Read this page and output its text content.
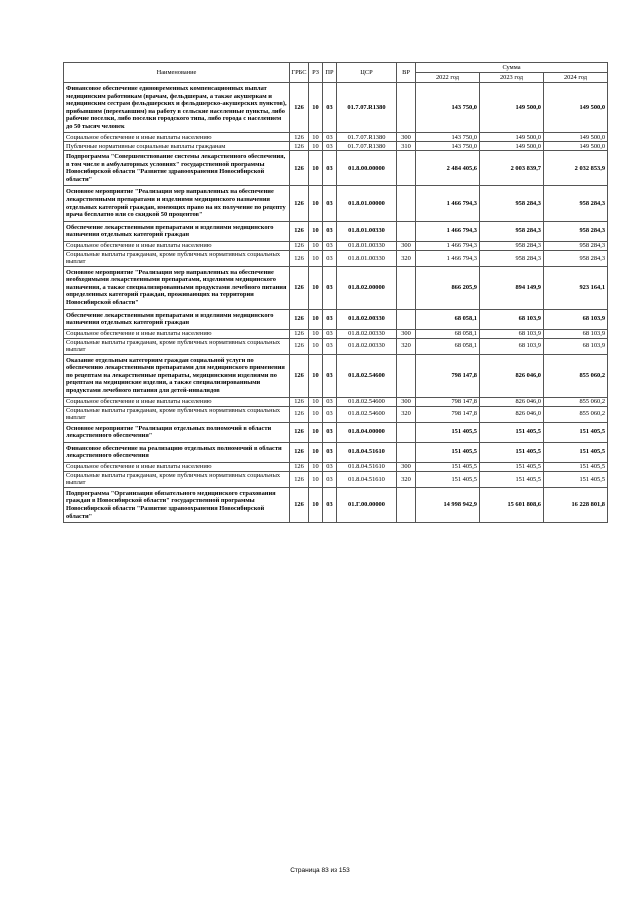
Наименование	ГРБС	РЗ	ПР	ЦСР	ВР	Сумма		
						2022 год	2023 год	2024 год
Финансовое обеспечение единовременных компенсационных выплат медицинским работникам (врачам, фельдшерам, а также акушеркам и медицинским сестрам фельдшерских и фельдшерско-акушерских пунктов), прибывшим (переехавшим) на работу в сельские населенные пункты, либо рабочие поселки, либо поселки городского типа, либо города с населением до 50 тысяч человек	126	10	03	01.7.07.R1380		143 750,0	149 500,0	149 500,0
Социальное обеспечение и иные выплаты населению	126	10	03	01.7.07.R1380	300	143 750,0	149 500,0	149 500,0
Публичные нормативные социальные выплаты гражданам	126	10	03	01.7.07.R1380	310	143 750,0	149 500,0	149 500,0
Подпрограмма "Совершенствование системы лекарственного обеспечения, в том числе в амбулаторных условиях" государственной программы Новосибирской области "Развитие здравоохранения Новосибирской области"	126	10	03	01.8.00.00000		2 484 405,6	2 003 839,7	2 032 853,9
Основное мероприятие "Реализация мер направленных на обеспечение лекарственными препаратами и изделиями медицинского назначения отдельных категорий граждан, имеющих право на их получение по рецепту врача бесплатно или со скидкой 50 процентов"	126	10	03	01.8.01.00000		1 466 794,3	958 284,3	958 284,3
Обеспечение лекарственными препаратами и изделиями медицинского назначения отдельных категорий граждан	126	10	03	01.8.01.00330		1 466 794,3	958 284,3	958 284,3
Социальное обеспечение и иные выплаты населению	126	10	03	01.8.01.00330	300	1 466 794,3	958 284,3	958 284,3
Социальные выплаты гражданам, кроме публичных нормативных социальных выплат	126	10	03	01.8.01.00330	320	1 466 794,3	958 284,3	958 284,3
Основное мероприятие "Реализация мер направленных на обеспечение необходимыми лекарственными препаратами, изделиями медицинского назначения, а также специализированными продуктами лечебного питания определенных категорий граждан, проживающих на территории Новосибирской области"	126	10	03	01.8.02.00000		866 205,9	894 149,9	923 164,1
Обеспечение лекарственными препаратами и изделиями медицинского назначения отдельных категорий граждан	126	10	03	01.8.02.00330		68 058,1	68 103,9	68 103,9
Социальное обеспечение и иные выплаты населению	126	10	03	01.8.02.00330	300	68 058,1	68 103,9	68 103,9
Социальные выплаты гражданам, кроме публичных нормативных социальных выплат	126	10	03	01.8.02.00330	320	68 058,1	68 103,9	68 103,9
Оказание отдельным категориям граждан социальной услуги по обеспечению лекарственными препаратами для медицинского применения по рецептам на лекарственные препараты, медицинскими изделиями по рецептам на медицинские изделия, а также специализированными продуктами лечебного питания для детей-инвалидов	126	10	03	01.8.02.54600		798 147,8	826 046,0	855 060,2
Социальное обеспечение и иные выплаты населению	126	10	03	01.8.02.54600	300	798 147,8	826 046,0	855 060,2
Социальные выплаты гражданам, кроме публичных нормативных социальных выплат	126	10	03	01.8.02.54600	320	798 147,8	826 046,0	855 060,2
Основное мероприятие "Реализация отдельных полномочий в области лекарственного обеспечения"	126	10	03	01.8.04.00000		151 405,5	151 405,5	151 405,5
Финансовое обеспечение на реализацию отдельных полномочий в области лекарственного обеспечения	126	10	03	01.8.04.51610		151 405,5	151 405,5	151 405,5
Социальное обеспечение и иные выплаты населению	126	10	03	01.8.04.51610	300	151 405,5	151 405,5	151 405,5
Социальные выплаты гражданам, кроме публичных нормативных социальных выплат	126	10	03	01.8.04.51610	320	151 405,5	151 405,5	151 405,5
Подпрограмма "Организация обязательного медицинского страхования граждан в Новосибирской области" государственной программы Новосибирской области "Развитие здравоохранения Новосибирской области"	126	10	03	01.Г.00.00000		14 998 942,9	15 601 808,6	16 228 801,8
Страница 83 из 153
